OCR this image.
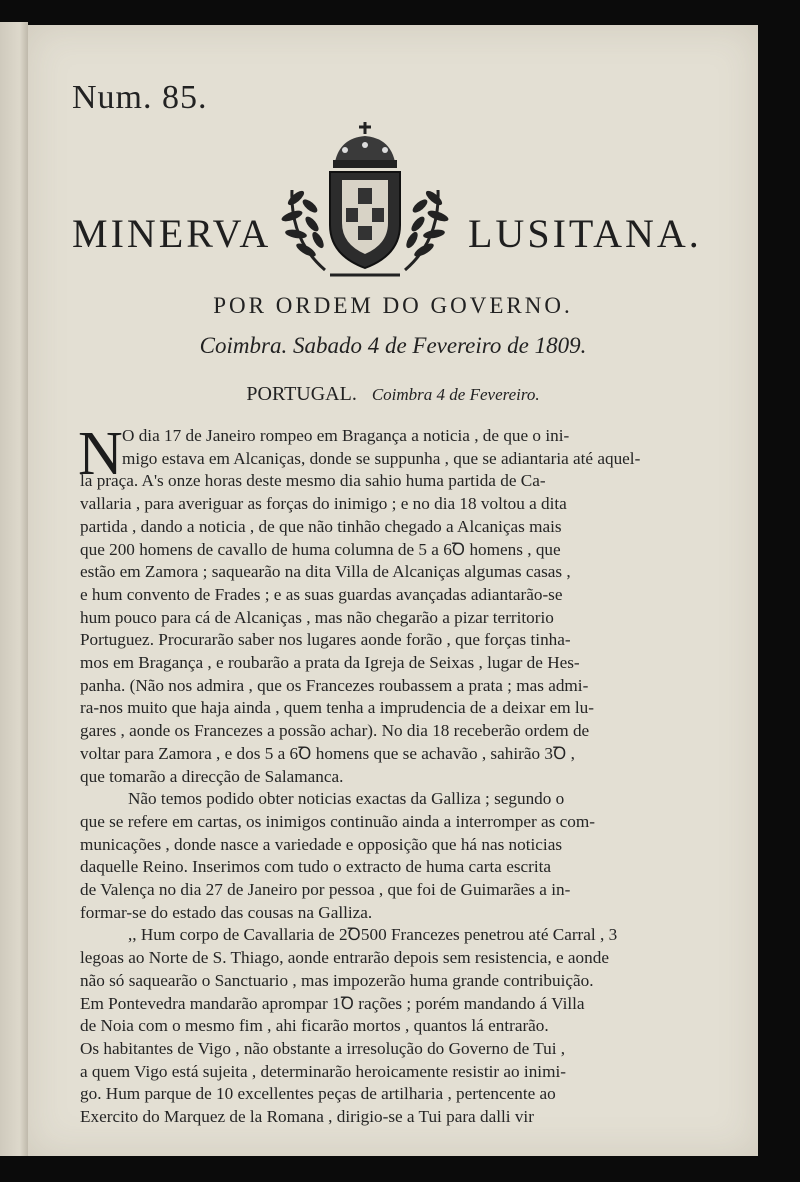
Num. 85.
MINERVA	LUSITANA.
POR ORDEM DO GOVERNO.
Coimbra. Sabado 4 de Fevereiro de 1809.
PORTUGAL. Coimbra 4 de Fevereiro.
N O dia 17 de Janeiro rompeo em Bragança a noticia , de que o ini-
migo estava em Alcaniças, donde se suppunha , que se adiantaria até aquel-
la praça. A's onze horas deste mesmo dia sahio huma partida de Ca-
vallaria , para averiguar as forças do inimigo ; e no dia 18 voltou a dita
partida , dando a noticia , de que não tinhão chegado a Alcaniças mais
que 200 homens de cavallo de huma columna de 5 a 6Ꝺ homens , que
estão em Zamora ; saquearão na dita Villa de Alcaniças algumas casas ,
e hum convento de Frades ; e as suas guardas avançadas adiantarão-se
hum pouco para cá de Alcaniças , mas não chegarão a pizar territorio
Portuguez. Procurarão saber nos lugares aonde forão , que forças tinha-
mos em Bragança , e roubarão a prata da Igreja de Seixas , lugar de Hes-
panha. (Não nos admira , que os Francezes roubassem a prata ; mas admi-
ra-nos muito que haja ainda , quem tenha a imprudencia de a deixar em lu-
gares , aonde os Francezes a possão achar). No dia 18 receberão ordem de
voltar para Zamora , e dos 5 a 6Ꝺ homens que se achavão , sahirão 3Ꝺ ,
que tomarão a direcção de Salamanca.
Não temos podido obter noticias exactas da Galliza ; segundo o
que se refere em cartas, os inimigos continuão ainda a interromper as com-
municações , donde nasce a variedade e opposição que há nas noticias
daquelle Reino. Inserimos com tudo o extracto de huma carta escrita
de Valença no dia 27 de Janeiro por pessoa , que foi de Guimarães a in-
formar-se do estado das cousas na Galliza.
,, Hum corpo de Cavallaria de 2Ꝺ500 Francezes penetrou até Carral , 3
legoas ao Norte de S. Thiago, aonde entrarão depois sem resistencia, e aonde
não só saquearão o Sanctuario , mas impozerão huma grande contribuição.
Em Pontevedra mandarão aprompar 1Ꝺ rações ; porém mandando á Villa
de Noia com o mesmo fim , ahi ficarão mortos , quantos lá entrarão.
Os habitantes de Vigo , não obstante a irresolução do Governo de Tui ,
a quem Vigo está sujeita , determinarão heroicamente resistir ao inimi-
go. Hum parque de 10 excellentes peças de artilharia , pertencente ao
Exercito do Marquez de la Romana , dirigio-se a Tui para dalli vir
